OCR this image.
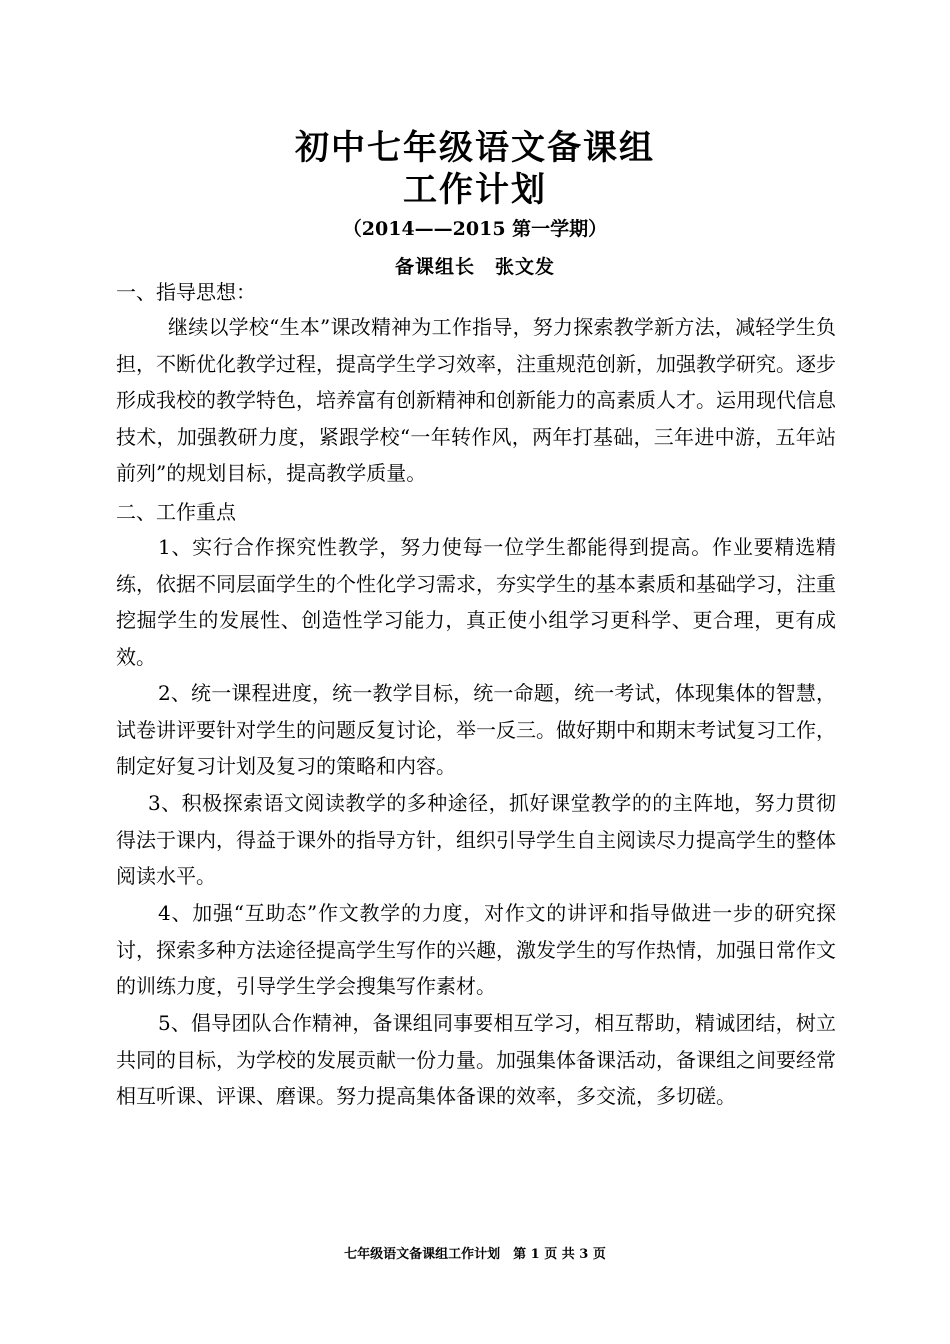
初中七年级语文备课组
工作计划
（2014——2015 第一学期）
备课组长　张文发
一、指导思想：
继续以学校“生本”课改精神为工作指导，努力探索教学新方法，减轻学生负担，不断优化教学过程，提高学生学习效率，注重规范创新，加强教学研究。逐步形成我校的教学特色，培养富有创新精神和创新能力的高素质人才。运用现代信息技术，加强教研力度，紧跟学校“一年转作风，两年打基础，三年进中游，五年站前列”的规划目标，提高教学质量。
二、工作重点
1、实行合作探究性教学，努力使每一位学生都能得到提高。作业要精选精练，依据不同层面学生的个性化学习需求，夯实学生的基本素质和基础学习，注重挖掘学生的发展性、创造性学习能力，真正使小组学习更科学、更合理，更有成效。
2、统一课程进度，统一教学目标，统一命题，统一考试，体现集体的智慧，试卷讲评要针对学生的问题反复讨论，举一反三。做好期中和期末考试复习工作，制定好复习计划及复习的策略和内容。
3、积极探索语文阅读教学的多种途径，抓好课堂教学的的主阵地，努力贯彻得法于课内，得益于课外的指导方针，组织引导学生自主阅读尽力提高学生的整体阅读水平。
4、加强“互助态”作文教学的力度，对作文的讲评和指导做进一步的研究探讨，探索多种方法途径提高学生写作的兴趣，激发学生的写作热情，加强日常作文的训练力度，引导学生学会搜集写作素材。
5、倡导团队合作精神，备课组同事要相互学习，相互帮助，精诚团结，树立共同的目标，为学校的发展贡献一份力量。加强集体备课活动，备课组之间要经常相互听课、评课、磨课。努力提高集体备课的效率，多交流，多切磋。
七年级语文备课组工作计划　第 1 页 共 3 页
